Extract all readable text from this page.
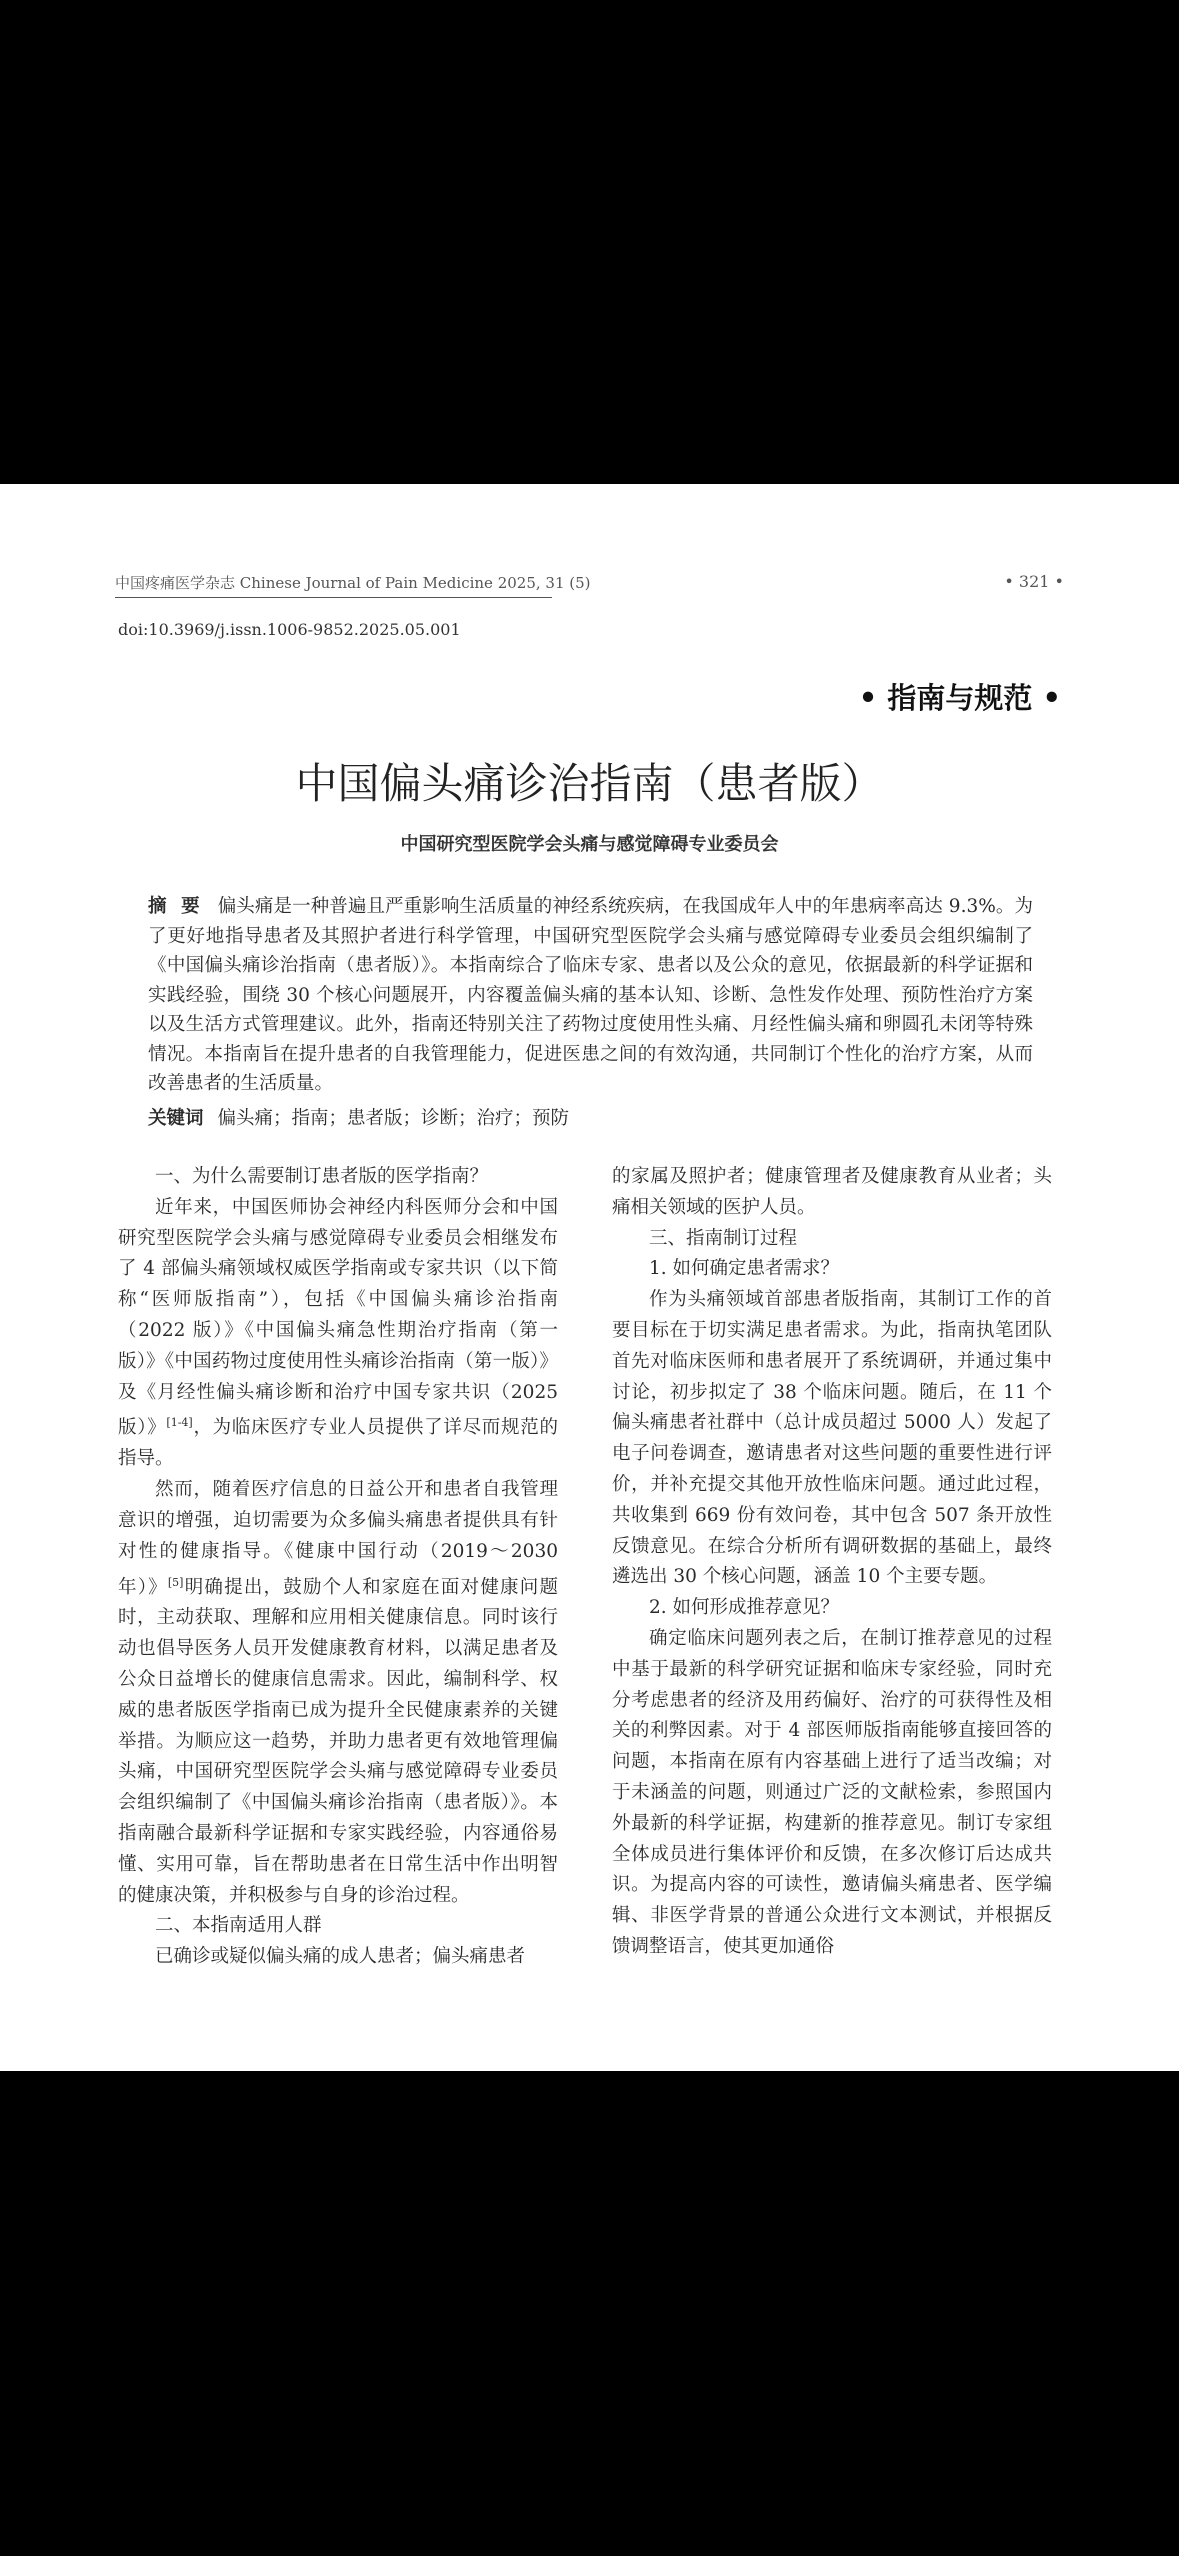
中国疼痛医学杂志 Chinese Journal of Pain Medicine 2025, 31 (5)	• 321 •
doi:10.3969/j.issn.1006-9852.2025.05.001
• 指南与规范 •
中国偏头痛诊治指南（患者版）
中国研究型医院学会头痛与感觉障碍专业委员会
摘 要 偏头痛是一种普遍且严重影响生活质量的神经系统疾病，在我国成年人中的年患病率高达 9.3%。为了更好地指导患者及其照护者进行科学管理，中国研究型医院学会头痛与感觉障碍专业委员会组织编制了《中国偏头痛诊治指南（患者版）》。本指南综合了临床专家、患者以及公众的意见，依据最新的科学证据和实践经验，围绕 30 个核心问题展开，内容覆盖偏头痛的基本认知、诊断、急性发作处理、预防性治疗方案以及生活方式管理建议。此外，指南还特别关注了药物过度使用性头痛、月经性偏头痛和卵圆孔未闭等特殊情况。本指南旨在提升患者的自我管理能力，促进医患之间的有效沟通，共同制订个性化的治疗方案，从而改善患者的生活质量。
关键词 偏头痛；指南；患者版；诊断；治疗；预防
一、为什么需要制订患者版的医学指南？

近年来，中国医师协会神经内科医师分会和中国研究型医院学会头痛与感觉障碍专业委员会相继发布了 4 部偏头痛领域权威医学指南或专家共识（以下简称“医师版指南”），包括《中国偏头痛诊治指南（2022 版）》《中国偏头痛急性期治疗指南（第一版）》《中国药物过度使用性头痛诊治指南（第一版）》及《月经性偏头痛诊断和治疗中国专家共识（2025 版）》[1-4]，为临床医疗专业人员提供了详尽而规范的指导。

然而，随着医疗信息的日益公开和患者自我管理意识的增强，迫切需要为众多偏头痛患者提供具有针对性的健康指导。《健康中国行动（2019～2030 年）》[5]明确提出，鼓励个人和家庭在面对健康问题时，主动获取、理解和应用相关健康信息。同时该行动也倡导医务人员开发健康教育材料，以满足患者及公众日益增长的健康信息需求。因此，编制科学、权威的患者版医学指南已成为提升全民健康素养的关键举措。为顺应这一趋势，并助力患者更有效地管理偏头痛，中国研究型医院学会头痛与感觉障碍专业委员会组织编制了《中国偏头痛诊治指南（患者版）》。本指南融合最新科学证据和专家实践经验，内容通俗易懂、实用可靠，旨在帮助患者在日常生活中作出明智的健康决策，并积极参与自身的诊治过程。

二、本指南适用人群

已确诊或疑似偏头痛的成人患者；偏头痛患者

的家属及照护者；健康管理者及健康教育从业者；头痛相关领域的医护人员。

三、指南制订过程
1. 如何确定患者需求？

作为头痛领域首部患者版指南，其制订工作的首要目标在于切实满足患者需求。为此，指南执笔团队首先对临床医师和患者展开了系统调研，并通过集中讨论，初步拟定了 38 个临床问题。随后，在 11 个偏头痛患者社群中（总计成员超过 5000 人）发起了电子问卷调查，邀请患者对这些问题的重要性进行评价，并补充提交其他开放性临床问题。通过此过程，共收集到 669 份有效问卷，其中包含 507 条开放性反馈意见。在综合分析所有调研数据的基础上，最终遴选出 30 个核心问题，涵盖 10 个主要专题。

2. 如何形成推荐意见？

确定临床问题列表之后，在制订推荐意见的过程中基于最新的科学研究证据和临床专家经验，同时充分考虑患者的经济及用药偏好、治疗的可获得性及相关的利弊因素。对于 4 部医师版指南能够直接回答的问题，本指南在原有内容基础上进行了适当改编；对于未涵盖的问题，则通过广泛的文献检索，参照国内外最新的科学证据，构建新的推荐意见。制订专家组全体成员进行集体评价和反馈，在多次修订后达成共识。为提高内容的可读性，邀请偏头痛患者、医学编辑、非医学背景的普通公众进行文本测试，并根据反馈调整语言，使其更加通俗
